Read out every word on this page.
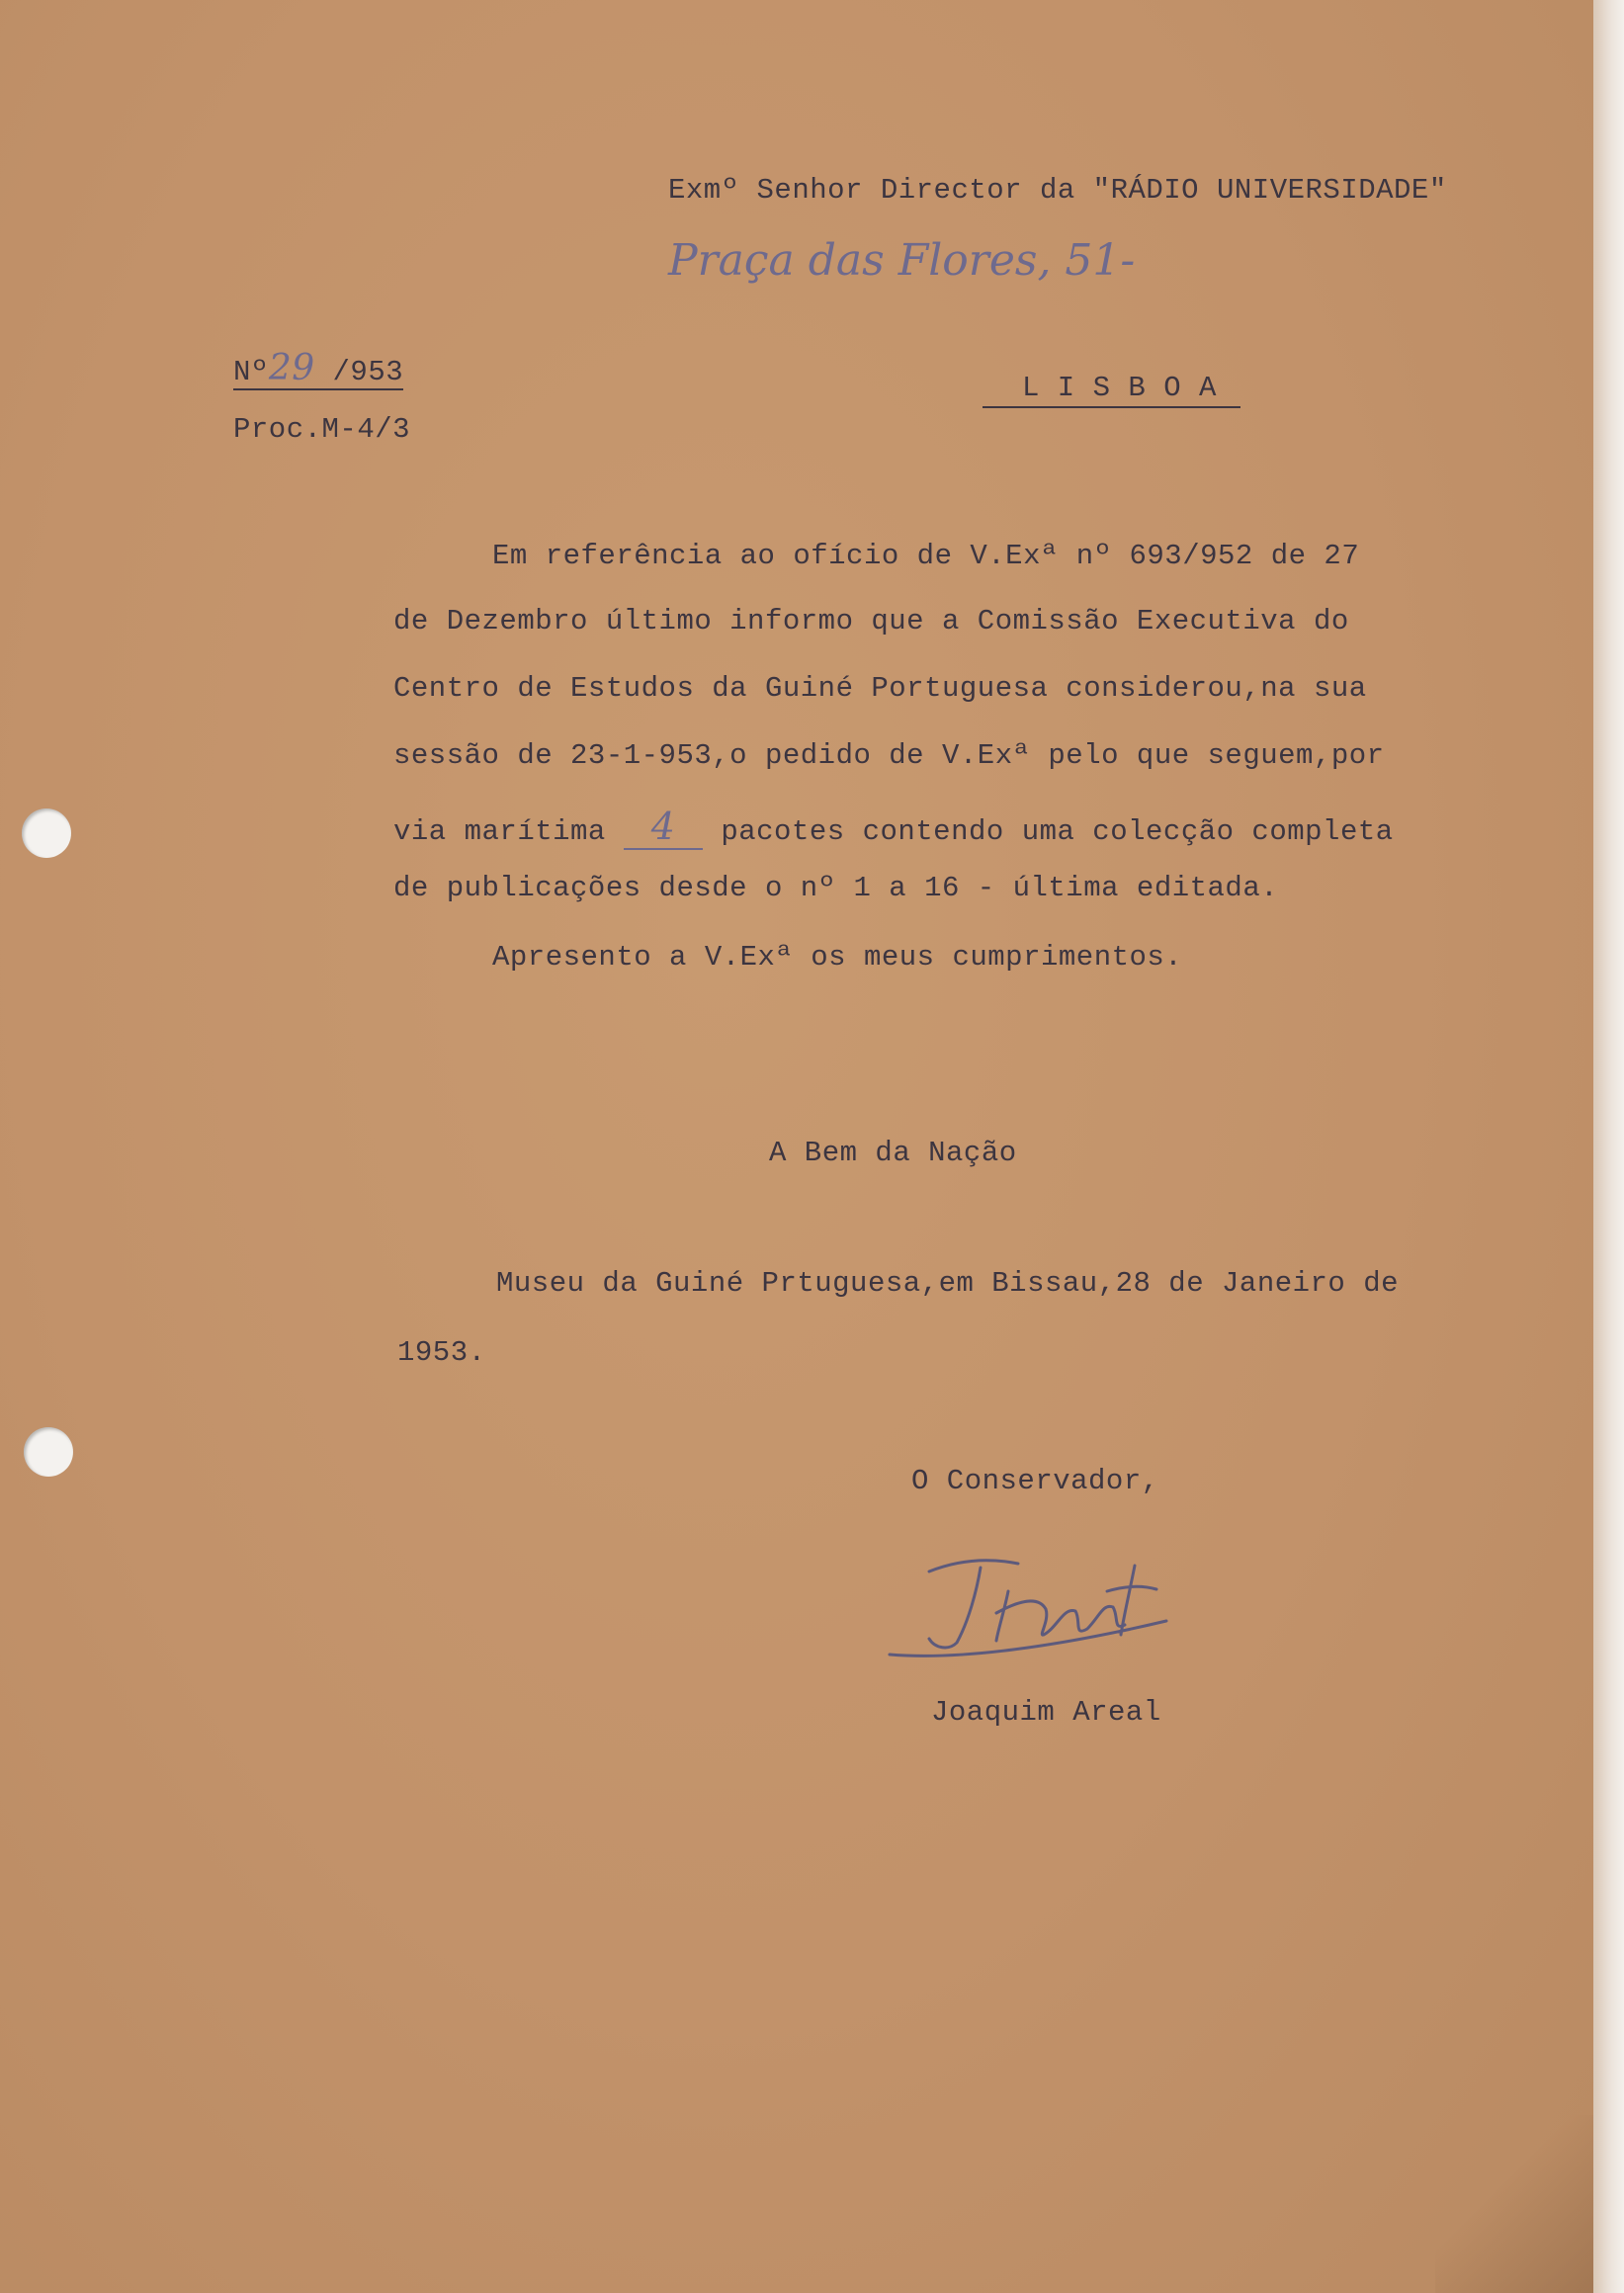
Exmº Senhor Director da "RÁDIO UNIVERSIDADE"

Praça das Flores, 51-

Nº29 /953

Proc.M-4/3

L I S B O A

Em referência ao ofício de V.Exª nº 693/952 de 27

de Dezembro último informo que a Comissão Executiva do

Centro de Estudos da Guiné Portuguesa considerou,na sua

sessão de 23-1-953,o pedido de V.Exª pelo que seguem,por

via marítima 4 pacotes contendo uma colecção completa

de publicações desde o nº 1 a 16 - última editada.

Apresento a V.Exª os meus cumprimentos.

A Bem da Nação

Museu da Guiné Prtuguesa,em Bissau,28 de Janeiro de

1953.

O Conservador,

Joaquim Areal
